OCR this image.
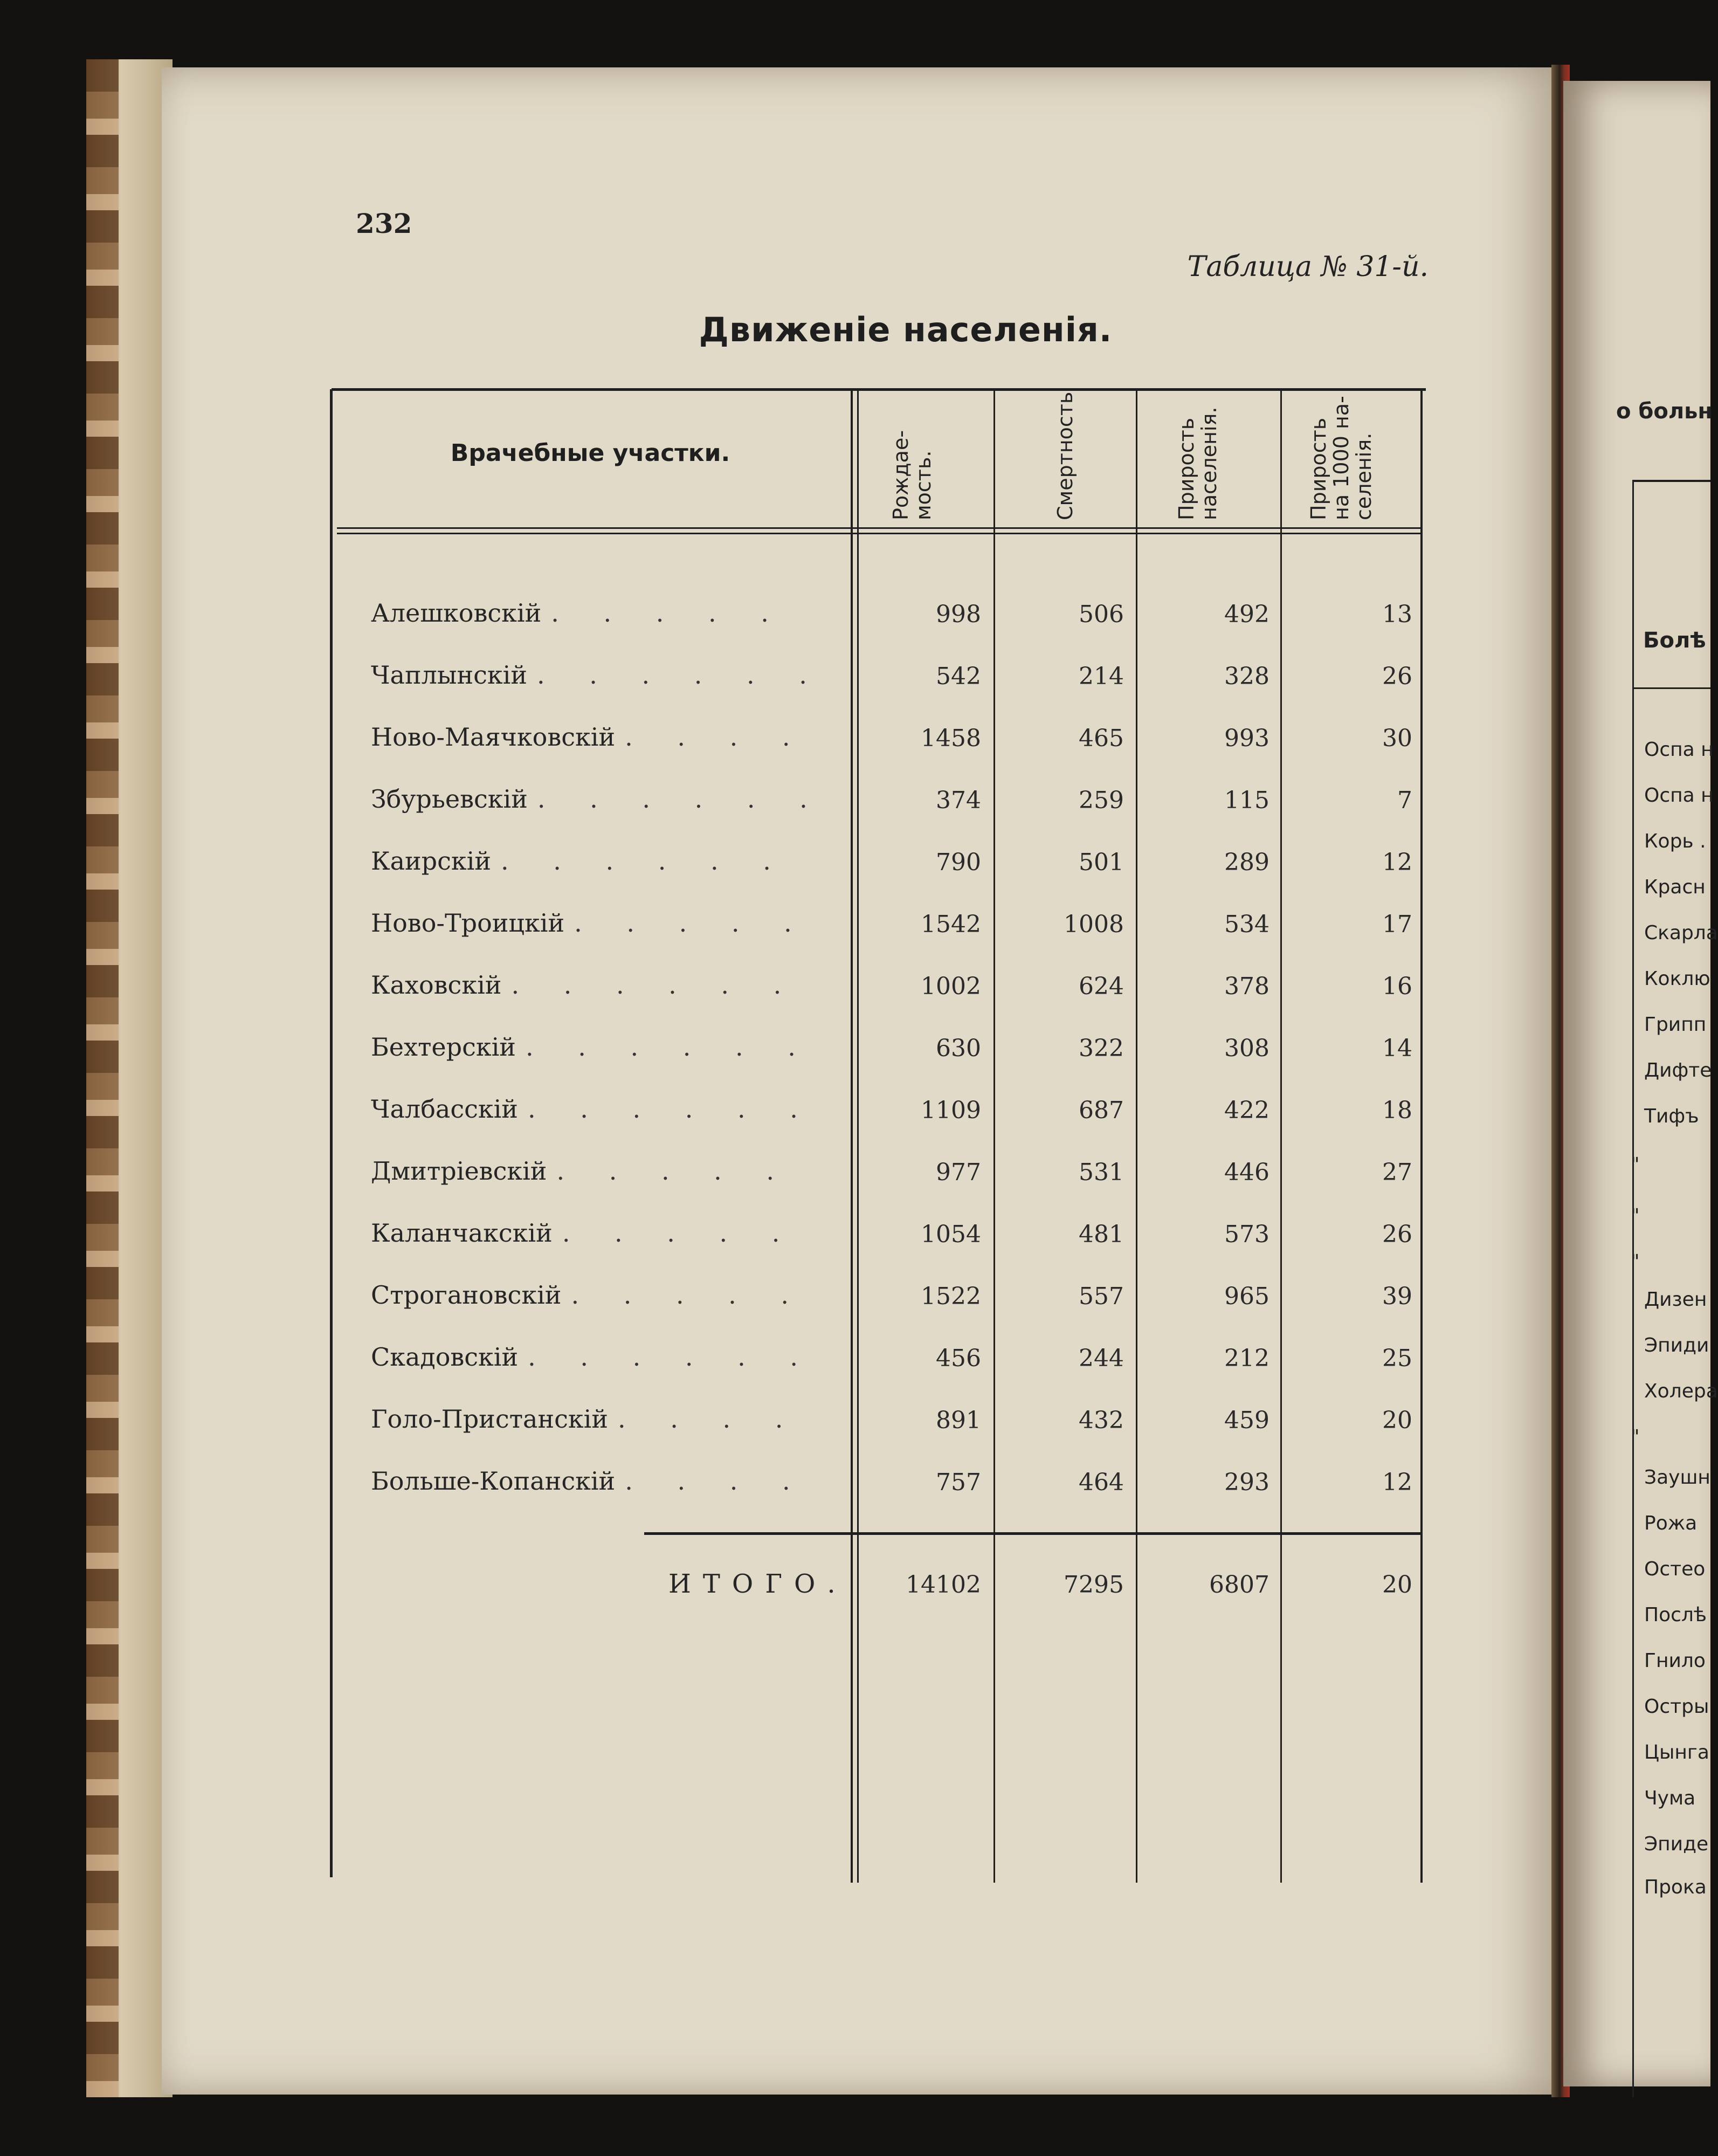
232
Таблица № 31-й.
Движеніе населенія.
Врачебные участки.	Рождае-
мость.	Смертность	Прирость
населенія.	Прирость
на 1000 на-
селенія.
Алешковскій . . . . .	998	506	492	13
Чаплынскій . . . . . .	542	214	328	26
Ново-Маячковскій . . . .	1458	465	993	30
Збурьевскій . . . . . .	374	259	115	7
Каирскій . . . . . .	790	501	289	12
Ново-Троицкій . . . . .	1542	1008	534	17
Каховскій . . . . . .	1002	624	378	16
Бехтерскій . . . . . .	630	322	308	14
Чалбасскій . . . . . .	1109	687	422	18
Дмитріевскій . . . . .	977	531	446	27
Каланчакскій . . . . .	1054	481	573	26
Строгановскій . . . . .	1522	557	965	39
Скадовскій . . . . . .	456	244	212	25
Голо-Пристанскій . . . .	891	432	459	20
Больше-Копанскій . . . .	757	464	293	12
ИТОГО.	14102	7295	6807	20
о больн
Болѣ
Оспа н
Оспа н
Корь .
Красн
Скарла
Коклю
Грипп
Дифте
Тифъ
"
"
"
Дизен
Эпиди
Холера
"
Заушн
Рожа
Остео
Послѣ
Гнило
Остры
Цынга
Чума
Эпиде
Прока
